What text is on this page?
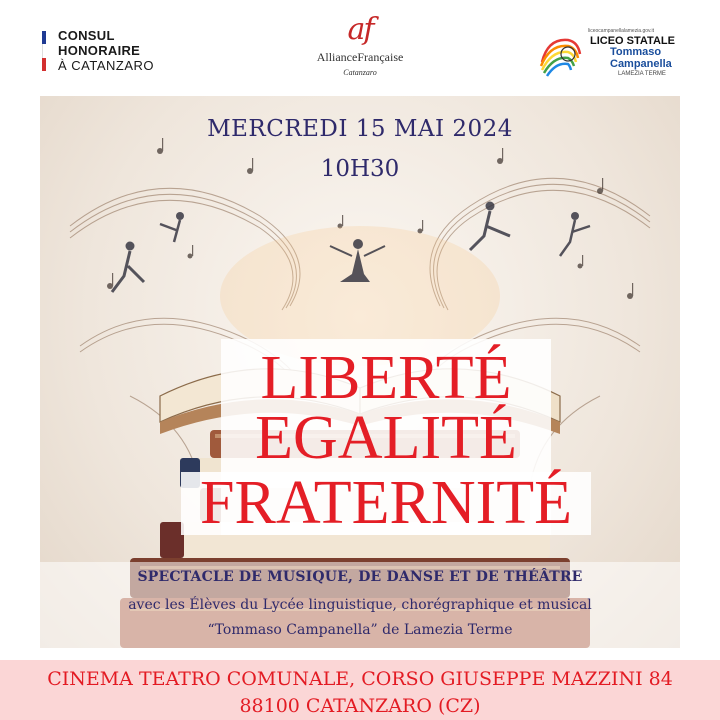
CONSUL
HONORAIRE
À CATANZARO
af
AllianceFrançaise
Catanzaro
liceocampanellalamezia.gov.it
LICEO STATALE
Tommaso
Campanella
LAMEZIA TERME
MERCREDI 15 MAI 2024
10H30
LIBERTÉ
EGALITÉ
FRATERNITÉ
SPECTACLE DE MUSIQUE, DE DANSE ET DE THÉÂTRE
avec les Élèves du Lycée linguistique, chorégraphique et musical
“Tommaso Campanella” de Lamezia Terme
CINEMA TEATRO COMUNALE, CORSO GIUSEPPE MAZZINI 84
88100 CATANZARO (CZ)
